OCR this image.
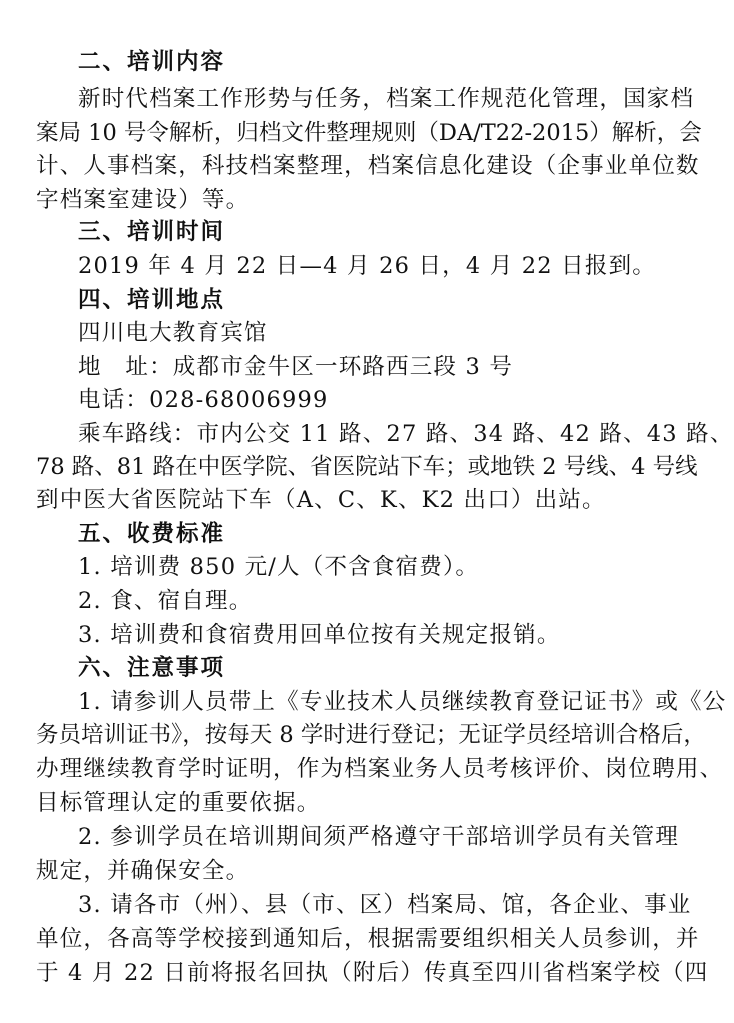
二、培训内容
新时代档案工作形势与任务，档案工作规范化管理，国家档
案局 10 号令解析，归档文件整理规则（DA/T22-2015）解析，会
计、人事档案，科技档案整理，档案信息化建设（企事业单位数
字档案室建设）等。
三、培训时间
2019 年 4 月 22 日—4 月 26 日，4 月 22 日报到。
四、培训地点
四川电大教育宾馆
地　址：成都市金牛区一环路西三段 3 号
电话：028-68006999
乘车路线：市内公交 11 路、27 路、34 路、42 路、43 路、
78 路、81 路在中医学院、省医院站下车；或地铁 2 号线、4 号线
到中医大省医院站下车（A、C、K、K2 出口）出站。
五、收费标准
1. 培训费 850 元/人（不含食宿费）。
2. 食、宿自理。
3. 培训费和食宿费用回单位按有关规定报销。
六、注意事项
1. 请参训人员带上《专业技术人员继续教育登记证书》或《公
务员培训证书》，按每天 8 学时进行登记；无证学员经培训合格后，
办理继续教育学时证明，作为档案业务人员考核评价、岗位聘用、
目标管理认定的重要依据。
2. 参训学员在培训期间须严格遵守干部培训学员有关管理
规定，并确保安全。
3. 请各市（州）、县（市、区）档案局、馆，各企业、事业
单位，各高等学校接到通知后，根据需要组织相关人员参训，并
于 4 月 22 日前将报名回执（附后）传真至四川省档案学校（四
